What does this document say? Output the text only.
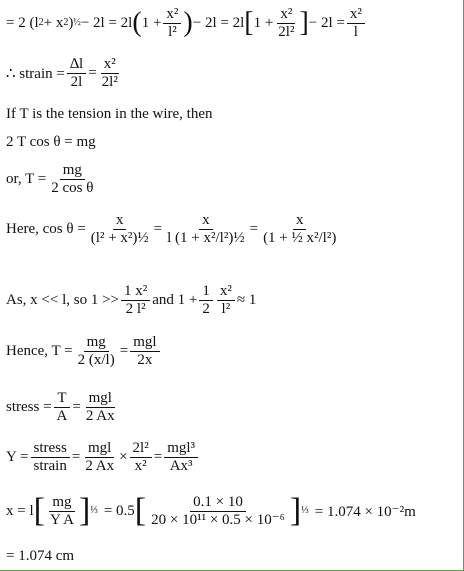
= 2 (l 2 + x 2 ) ½ − 2l = 2l ( $1 + \frac{\text{x²}}{\text{l²}}$ ) − 2l = 2l [ $1 + \frac{\text{x²}}{\text{2l²}}$ ] − $2l = \frac{\text{x²}}{l}$
∴ strain = $\frac{\Delta l}{2l} = \frac{\text{x²}}{\text{2l²}}$
If T is the tension in the wire, then
2 T cos θ = mg
or, $T = \frac{mg}{\text{2 cos θ}}$
Here, $\cos \theta = \frac{x}{\text{(l² + x²)½}} = \frac{x}{\text{l (1 + x²/l²)½}} = \frac{x}{\text{(1 + ½ x²/l²)}}$
As, x << l, so $1 >> \frac{\text{1 x²}}{\text{2 l²}}$ and $1 + \frac{1}{2} \frac{\text{x²}}{\text{l²}} \approx 1$
Hence, $T = \frac{mg}{2 (x/l)} = \frac{\text{mgl}}{2x}$
stress = $\frac{T}{A} = \frac{\text{mgl}}{2 Ax}$
$Y = \frac{\text{stress}}{\text{strain}} = \frac{\text{mgl}}{2 Ax} \times \frac{\text{2l²}}{\text{x²}} = \frac{\text{mgl³}}{\text{Ax³}}$
x = l [ $\frac{mg}{\text{Y A}}$ ] ⅓ = 0.5 [ $\frac{0.1 \times 10}{\text{20 × 10¹¹ × 0.5 × 10⁻⁶}}$ ] ⅓ = 1.074 × 10⁻²m
= 1.074 cm
